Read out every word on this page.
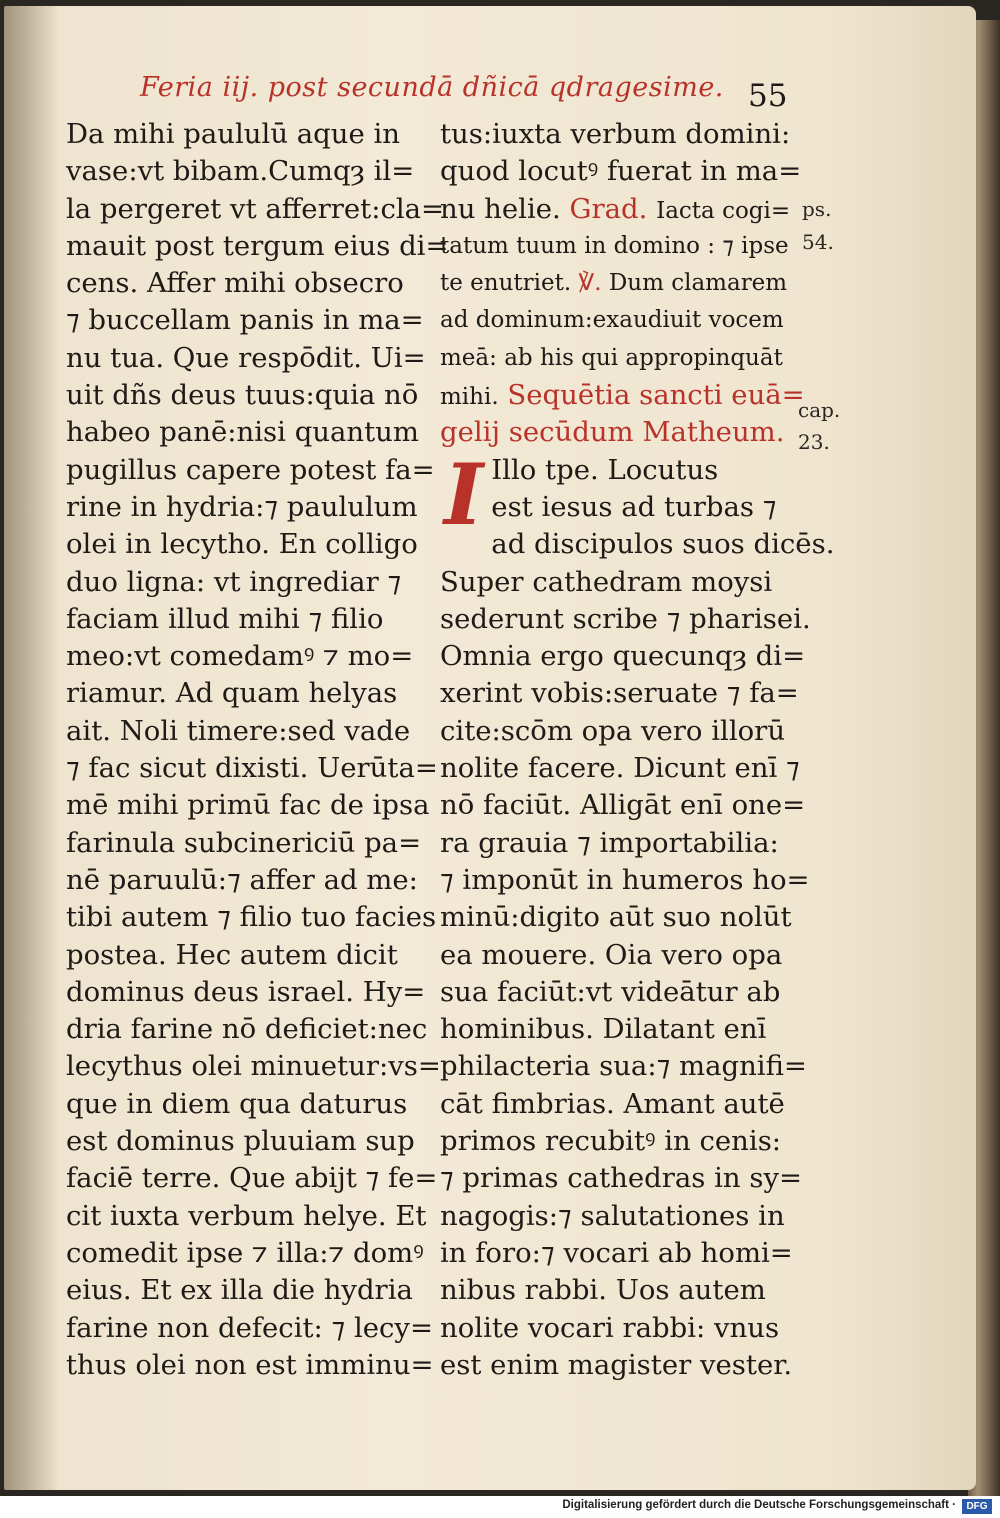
Feria iij. post secundā dñicā qdragesime. 55
Da mihi paululū aque in
vase:vt bibam.Cumqȝ il=
la pergeret vt afferret:cla=
mauit post tergum eius di=
cens. Affer mihi obsecro
⁊ buccellam panis in ma=
nu tua. Que respōdit. Ui=
uit dñs deus tuus:quia nō
habeo panē:nisi quantum
pugillus capere potest fa=
rine in hydria:⁊ paululum
olei in lecytho. En colligo
duo ligna: vt ingrediar ⁊
faciam illud mihi ⁊ filio
meo:vt comedamꝰ ⁊ mo=
riamur. Ad quam helyas
ait. Noli timere:sed vade
⁊ fac sicut dixisti. Uerūta=
mē mihi primū fac de ipsa
farinula subcinericiū pa=
nē paruulū:⁊ affer ad me:
tibi autem ⁊ filio tuo facies
postea. Hec autem dicit
dominus deus israel. Hy=
dria farine nō deficiet:nec
lecythus olei minuetur:vs=
que in diem qua daturus
est dominus pluuiam sup
faciē terre. Que abijt ⁊ fe=
cit iuxta verbum helye. Et
comedit ipse ⁊ illa:⁊ domꝰ
eius. Et ex illa die hydria
farine non defecit: ⁊ lecy=
thus olei non est imminu=
tus:iuxta verbum domini:
quod locutꝰ fuerat in ma=
nu helie. Grad. Iacta cogi=
tatum tuum in domino : ⁊ ipse
te enutriet. ℣. Dum clamarem
ad dominum:exaudiuit vocem
meā: ab his qui appropinquāt
mihi. Sequētia sancti euā=
gelij secūdum Matheum.
I Illo tpe. Locutus
est iesus ad turbas ⁊
ad discipulos suos dicēs.
Super cathedram moysi
sederunt scribe ⁊ pharisei.
Omnia ergo quecunqȝ di=
xerint vobis:seruate ⁊ fa=
cite:scōm opa vero illorū
nolite facere. Dicunt enī ⁊
nō faciūt. Alligāt enī one=
ra grauia ⁊ importabilia:
⁊ imponūt in humeros ho=
minū:digito aūt suo nolūt
ea mouere. Oia vero opa
sua faciūt:vt videātur ab
hominibus. Dilatant enī
philacteria sua:⁊ magnifi=
cāt fimbrias. Amant autē
primos recubitꝰ in cenis:
⁊ primas cathedras in sy=
nagogis:⁊ salutationes in
in foro:⁊ vocari ab homi=
nibus rabbi. Uos autem
nolite vocari rabbi: vnus
est enim magister vester.
ps.
54.
cap.
23.
Digitalisierung gefördert durch die Deutsche Forschungsgemeinschaft ·	DFG
